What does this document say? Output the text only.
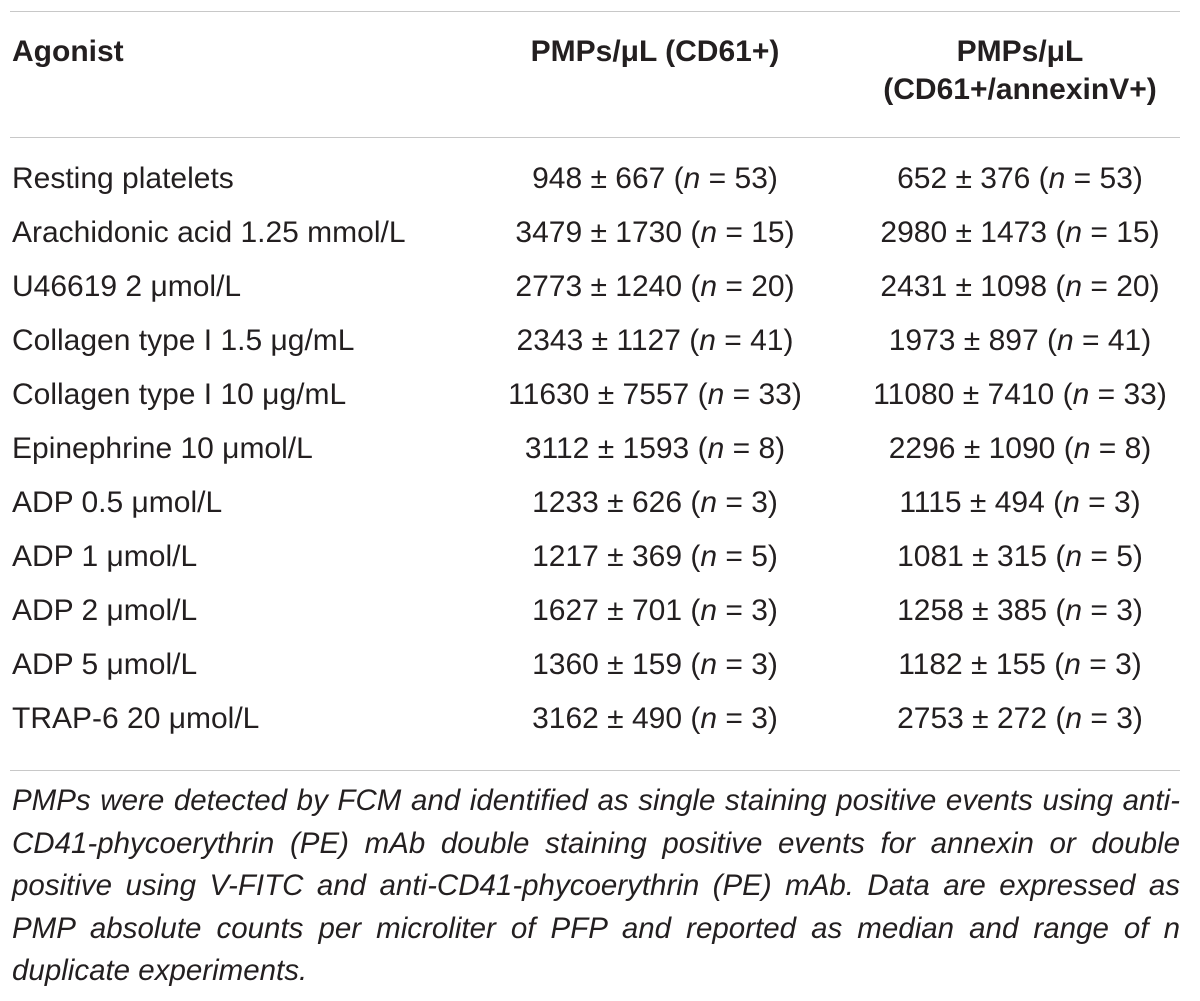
Agonist	PMPs/μL (CD61+)	PMPs/μL
(CD61+/annexinV+)
Resting platelets	948 ± 667 (n = 53)	652 ± 376 (n = 53)
Arachidonic acid 1.25 mmol/L	3479 ± 1730 (n = 15)	2980 ± 1473 (n = 15)
U46619 2 μmol/L	2773 ± 1240 (n = 20)	2431 ± 1098 (n = 20)
Collagen type I 1.5 μg/mL	2343 ± 1127 (n = 41)	1973 ± 897 (n = 41)
Collagen type I 10 μg/mL	11630 ± 7557 (n = 33)	11080 ± 7410 (n = 33)
Epinephrine 10 μmol/L	3112 ± 1593 (n = 8)	2296 ± 1090 (n = 8)
ADP 0.5 μmol/L	1233 ± 626 (n = 3)	1115 ± 494 (n = 3)
ADP 1 μmol/L	1217 ± 369 (n = 5)	1081 ± 315 (n = 5)
ADP 2 μmol/L	1627 ± 701 (n = 3)	1258 ± 385 (n = 3)
ADP 5 μmol/L	1360 ± 159 (n = 3)	1182 ± 155 (n = 3)
TRAP-6 20 μmol/L	3162 ± 490 (n = 3)	2753 ± 272 (n = 3)
PMPs were detected by FCM and identified as single staining positive events using anti-CD41-phycoerythrin (PE) mAb double staining positive events for annexin or double positive using V-FITC and anti-CD41-phycoerythrin (PE) mAb. Data are expressed as PMP absolute counts per microliter of PFP and reported as median and range of n duplicate experiments.
